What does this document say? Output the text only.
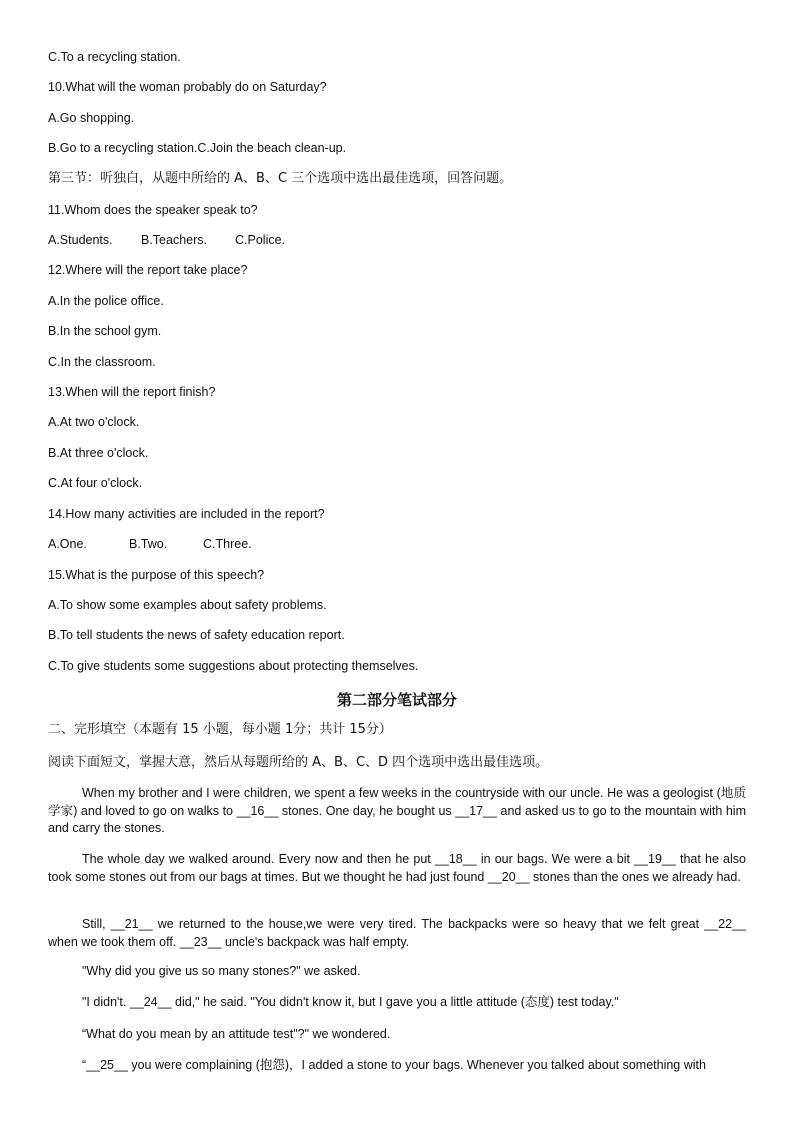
C.To a recycling station.
10.What will the woman probably do on Saturday?
A.Go shopping.
B.Go to a recycling station.C.Join the beach clean-up.
第三节：听独白，从题中所给的 A、B、C 三个选项中选出最佳选项，回答问题。
11.Whom does the speaker speak to?
A.Students. B.Teachers. C.Police.
12.Where will the report take place?
A.In the police office.
B.In the school gym.
C.In the classroom.
13.When will the report finish?
A.At two o'clock.
B.At three o'clock.
C.At four o'clock.
14.How many activities are included in the report?
A.One.	B.Two.	C.Three.
15.What is the purpose of this speech?
A.To show some examples about safety problems.
B.To tell students the news of safety education report.
C.To give students some suggestions about protecting themselves.
第二部分笔试部分
二、完形填空（本题有 15 小题，每小题 1分；共计 15分）
阅读下面短文，掌握大意，然后从每题所给的 A、B、C、D 四个选项中选出最佳选项。
When my brother and I were children, we spent a few weeks in the countryside with our uncle. He was a geologist (地质学家) and loved to go on walks to __16__ stones. One day, he bought us __17__ and asked us to go to the mountain with him and carry the stones.
The whole day we walked around. Every now and then he put __18__ in our bags. We were a bit __19__ that he also took some stones out from our bags at times. But we thought he had just found __20__ stones than the ones we already had.
Still, __21__ we returned to the house,we were very tired. The backpacks were so heavy that we felt great __22__ when we took them off. __23__ uncle's backpack was half empty.
"Why did you give us so many stones?" we asked.
"I didn't. __24__ did," he said. "You didn't know it, but I gave you a little attitude (态度) test today."
“What do you mean by an attitude test"?" we wondered.
“__25__ you were complaining (抱怨)，I added a stone to your bags. Whenever you talked about something with
